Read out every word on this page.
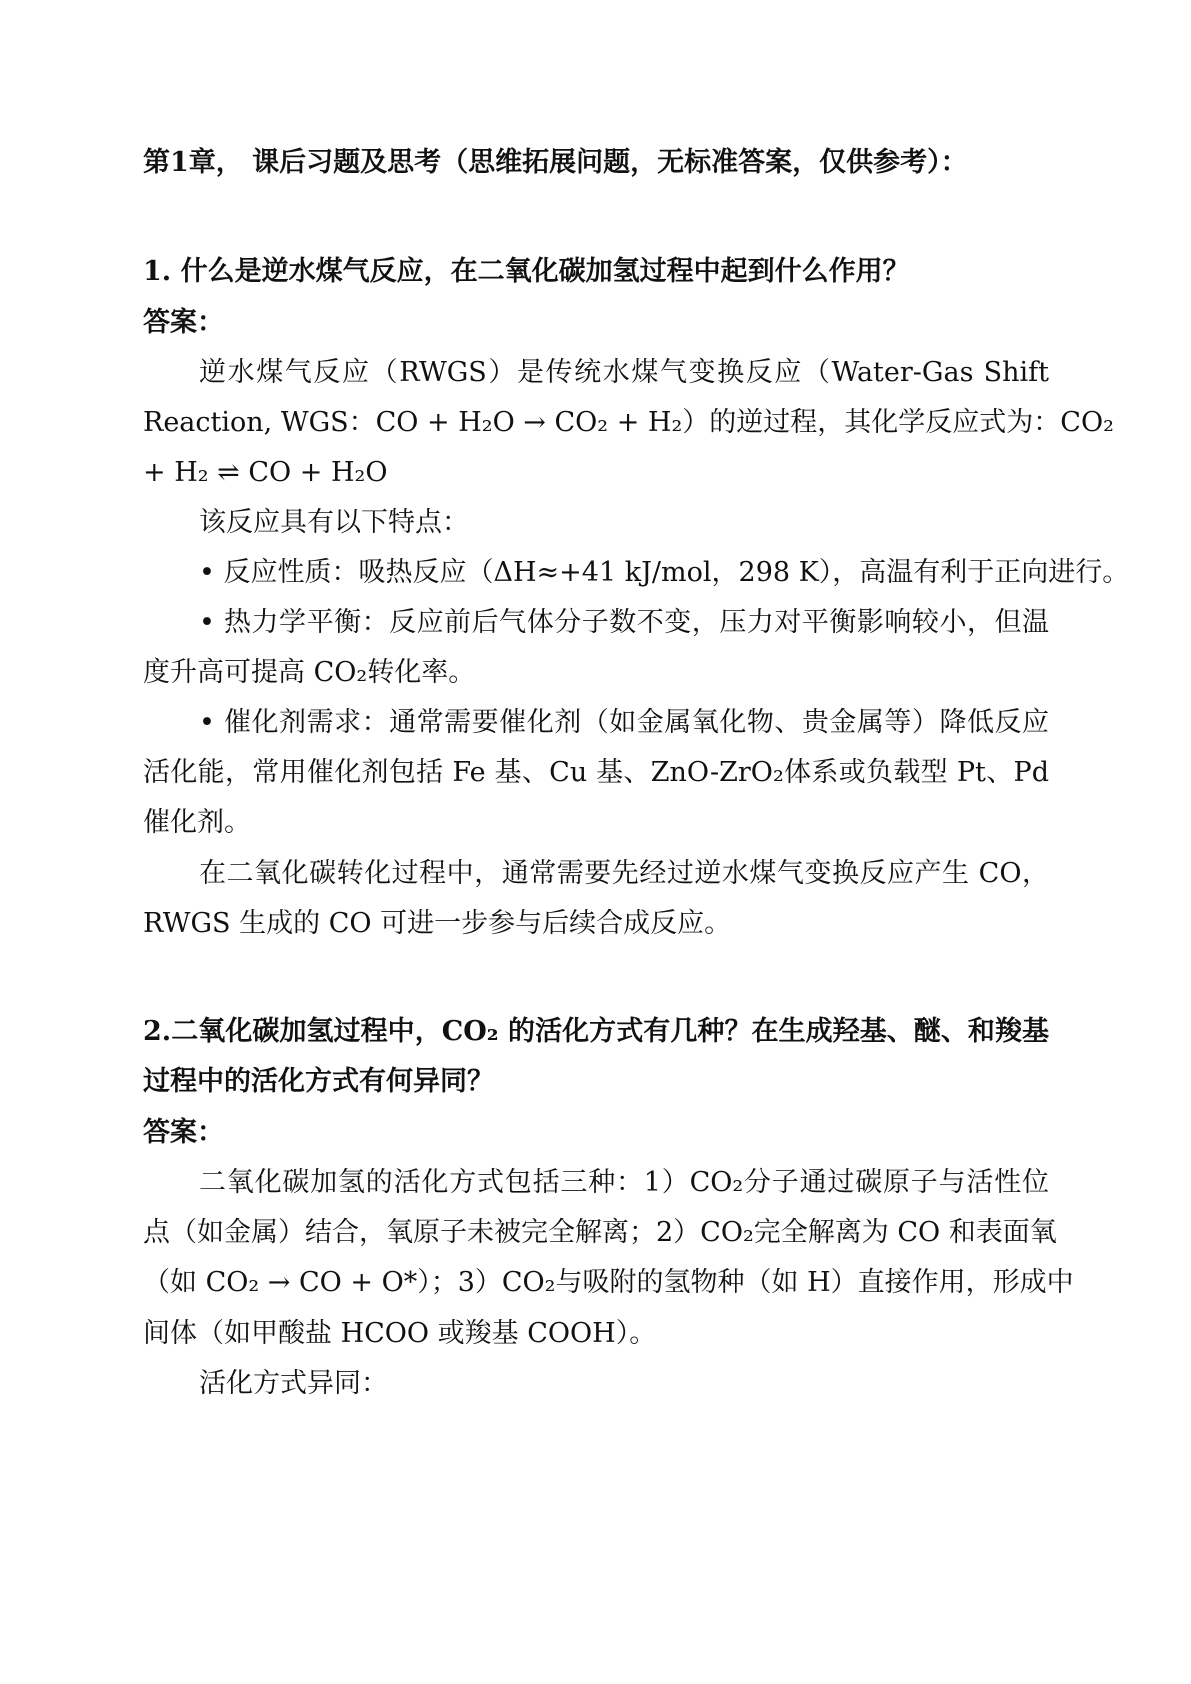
第1章， 课后习题及思考（思维拓展问题，无标准答案，仅供参考）：
1. 什么是逆水煤气反应，在二氧化碳加氢过程中起到什么作用？
答案：
逆水煤气反应（RWGS）是传统水煤气变换反应（Water-Gas Shift
Reaction, WGS：CO + H₂O → CO₂ + H₂）的逆过程，其化学反应式为：CO₂
+ H₂ ⇌ CO + H₂O
该反应具有以下特点：
• 反应性质：吸热反应（ΔH≈+41 kJ/mol，298 K），高温有利于正向进行。
• 热力学平衡：反应前后气体分子数不变，压力对平衡影响较小，但温
度升高可提高 CO₂转化率。
• 催化剂需求：通常需要催化剂（如金属氧化物、贵金属等）降低反应
活化能，常用催化剂包括 Fe 基、Cu 基、ZnO-ZrO₂体系或负载型 Pt、Pd
催化剂。
在二氧化碳转化过程中，通常需要先经过逆水煤气变换反应产生 CO，
RWGS 生成的 CO 可进一步参与后续合成反应。
2.二氧化碳加氢过程中，CO₂ 的活化方式有几种？在生成羟基、醚、和羧基
过程中的活化方式有何异同？
答案：
二氧化碳加氢的活化方式包括三种：1）CO₂分子通过碳原子与活性位
点（如金属）结合，氧原子未被完全解离；2）CO₂完全解离为 CO 和表面氧
（如 CO₂ → CO + O*）；3）CO₂与吸附的氢物种（如 H）直接作用，形成中
间体（如甲酸盐 HCOO 或羧基 COOH）。
活化方式异同：
